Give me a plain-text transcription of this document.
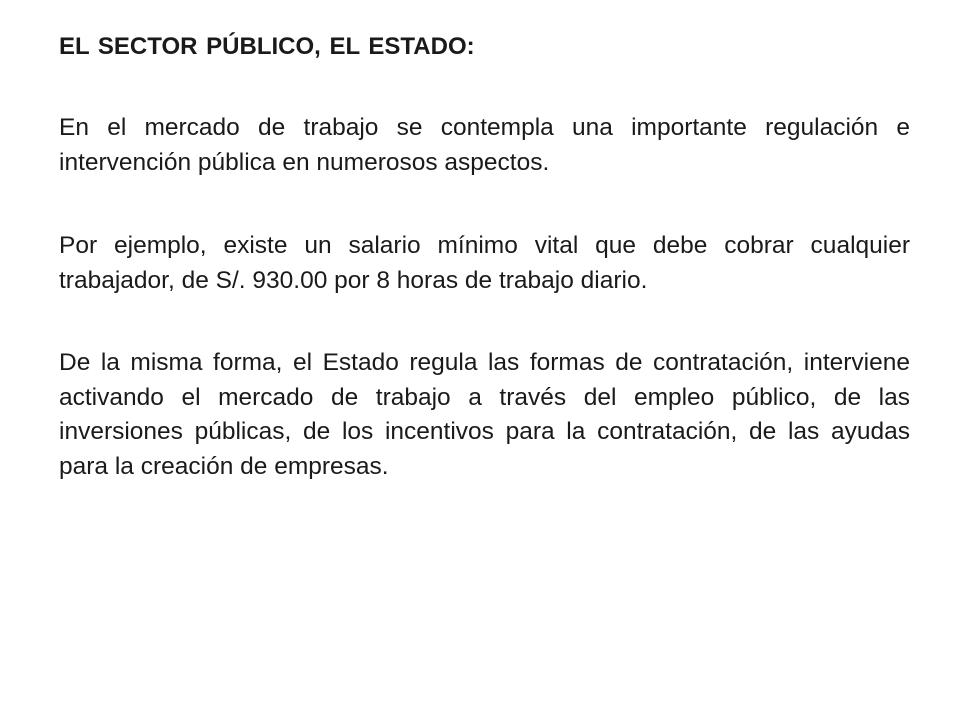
EL SECTOR PÚBLICO, EL ESTADO:

En el mercado de trabajo se contempla una importante regulación e intervención pública en numerosos aspectos.

Por ejemplo, existe un salario mínimo vital que debe cobrar cualquier trabajador, de S/. 930.00 por 8 horas de trabajo diario.

De la misma forma, el Estado regula las formas de contratación, interviene activando el mercado de trabajo a través del empleo público, de las inversiones públicas, de los incentivos para la contratación, de las ayudas para la creación de empresas.
